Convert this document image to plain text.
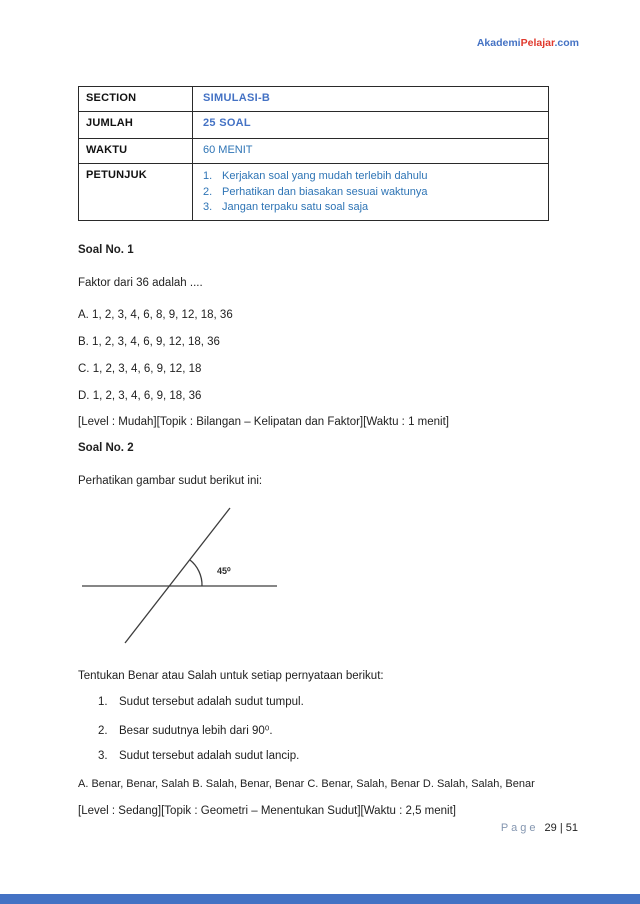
AkademiPelajar.com
SECTION	SIMULASI-B
JUMLAH	25 SOAL
WAKTU	60 MENIT
PETUNJUK	1. Kerjakan soal yang mudah terlebih dahulu
2. Perhatikan dan biasakan sesuai waktunya
3. Jangan terpaku satu soal saja
Soal No. 1
Faktor dari 36 adalah ....
A. 1, 2, 3, 4, 6, 8, 9, 12, 18, 36
B. 1, 2, 3, 4, 6, 9, 12, 18, 36
C. 1, 2, 3, 4, 6, 9, 12, 18
D. 1, 2, 3, 4, 6, 9, 18, 36
[Level : Mudah][Topik : Bilangan – Kelipatan dan Faktor][Waktu : 1 menit]
Soal No. 2
Perhatikan gambar sudut berikut ini:
45⁰
Tentukan Benar atau Salah untuk setiap pernyataan berikut:
1. Sudut tersebut adalah sudut tumpul.
2. Besar sudutnya lebih dari 90⁰.
3. Sudut tersebut adalah sudut lancip.
A. Benar, Benar, Salah B. Salah, Benar, Benar C. Benar, Salah, Benar D. Salah, Salah, Benar
[Level : Sedang][Topik : Geometri – Menentukan Sudut][Waktu : 2,5 menit]
Page 29 | 51
